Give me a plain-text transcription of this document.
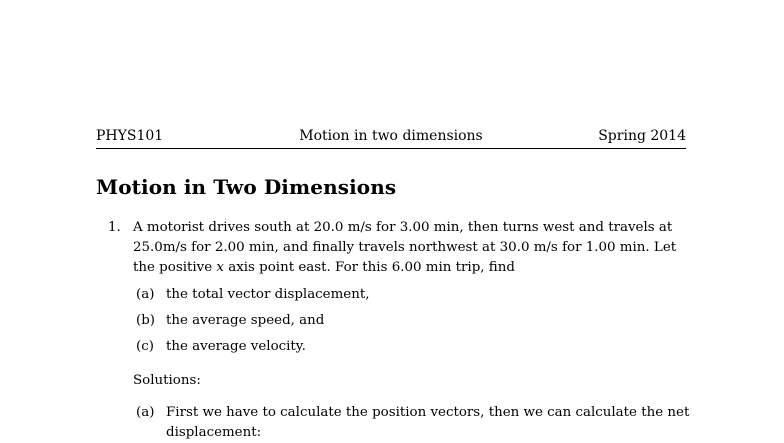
PHYS101	Motion in two dimensions	Spring 2014
Motion in Two Dimensions
1. A motorist drives south at 20.0 m/s for 3.00 min, then turns west and travels at
25.0m/s for 2.00 min, and finally travels northwest at 30.0 m/s for 1.00 min. Let
the positive x axis point east. For this 6.00 min trip, find
(a) the total vector displacement,
(b) the average speed, and
(c) the average velocity.
Solutions:
(a) First we have to calculate the position vectors, then we can calculate the net
displacement:
